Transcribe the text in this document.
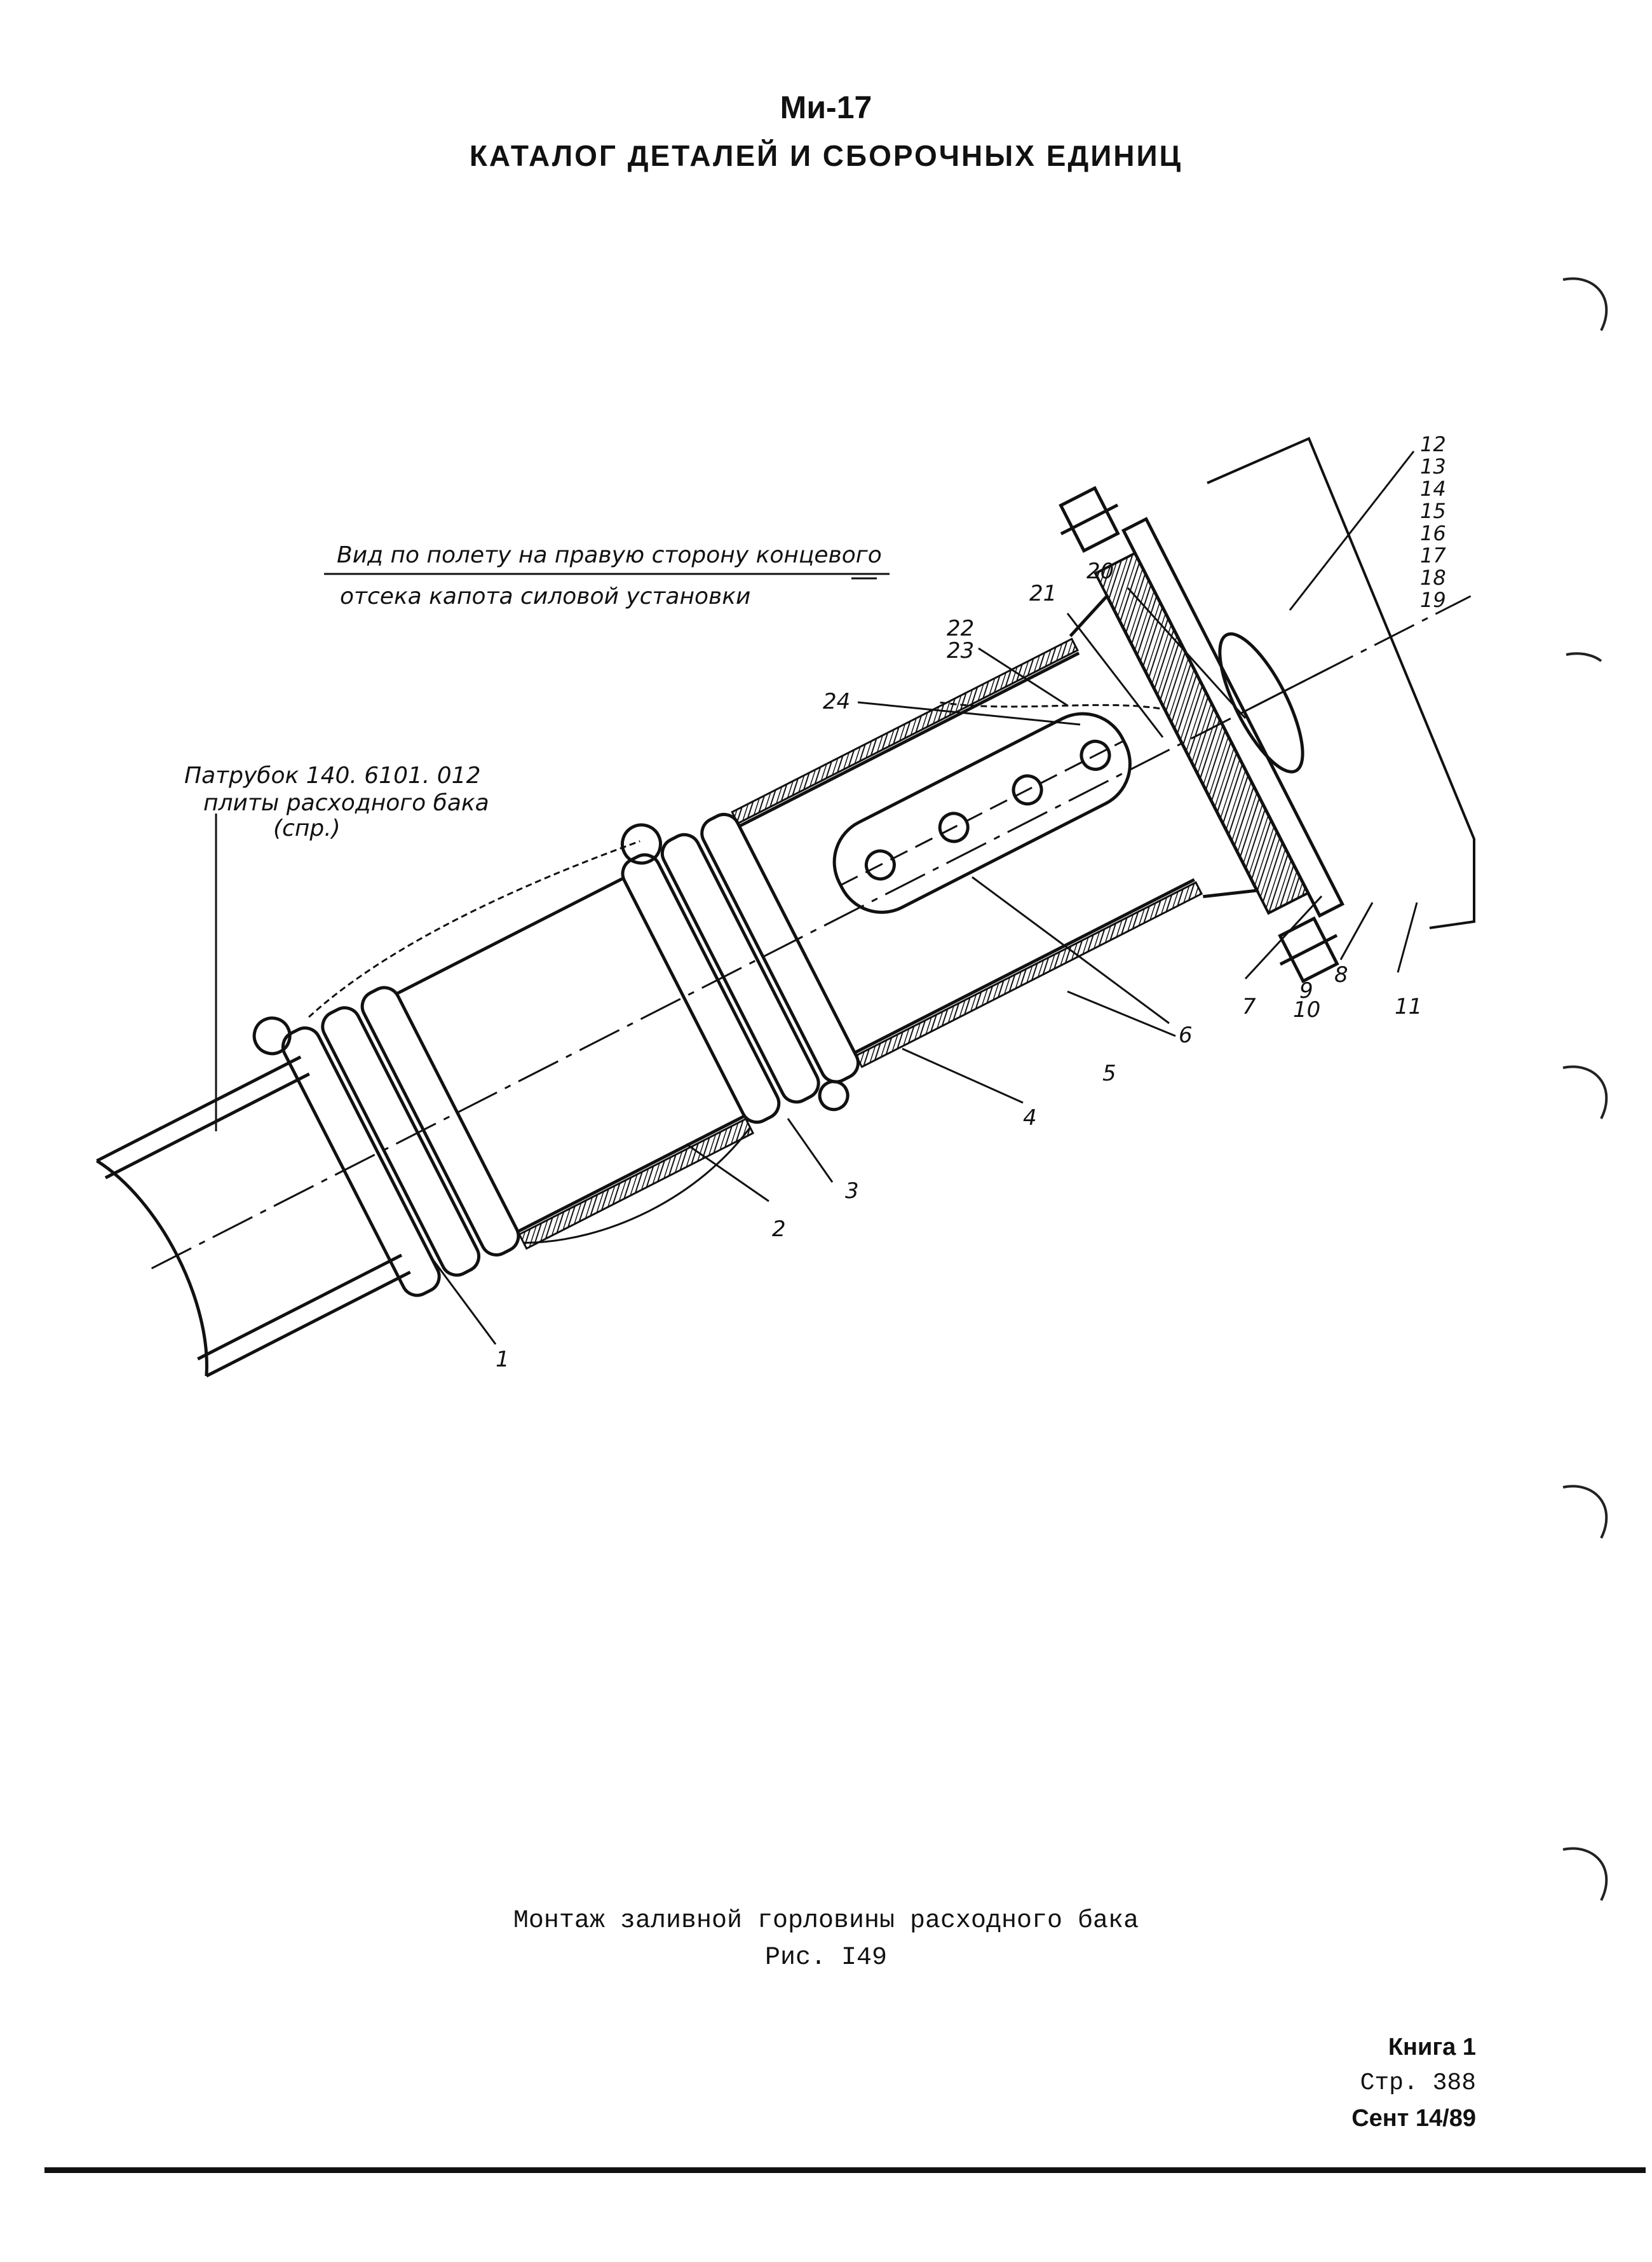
Ми-17
КАТАЛОГ ДЕТАЛЕЙ И СБОРОЧНЫХ ЕДИНИЦ
Вид по полету на правую сторону концевого
отсека капота силовой установки
Патрубок 140. 6101. 012
плиты расходного бака
(спр.)
1
2
3
4
5
6
7
8
9
10	11
12
13
14
15
16
17
18
19
20
21
22
23
24
Монтаж заливной горловины расходного бака
Рис. I49
Книга 1
Стр. 388
Сент 14/89
